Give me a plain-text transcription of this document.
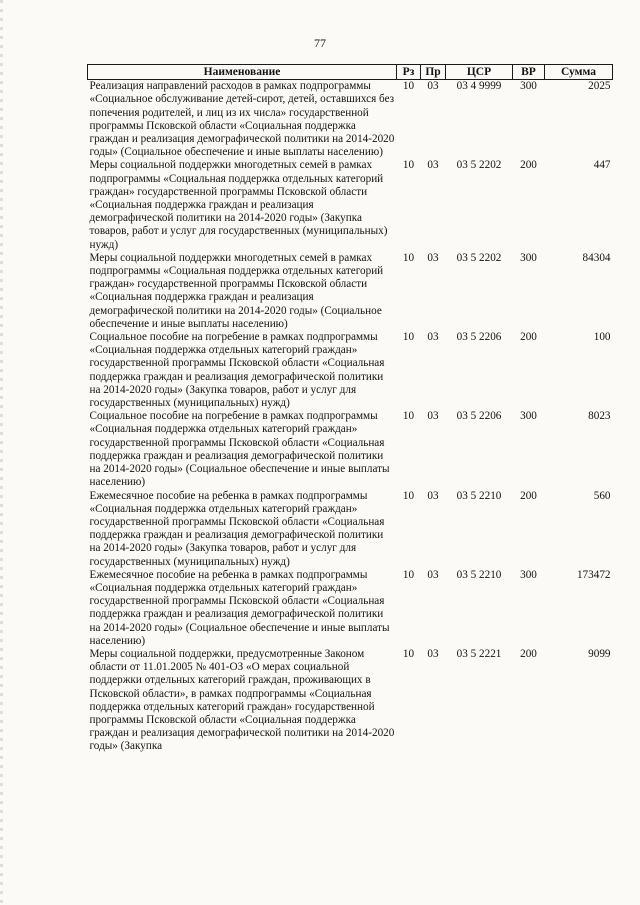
77
Наименование	Рз	Пр	ЦСР	ВР	Сумма
Реализация направлений расходов в рамках подпрограммы «Социальное обслуживание детей-сирот, детей, оставшихся без попечения родителей, и лиц из их числа» государственной программы Псковской области «Социальная поддержка граждан и реализация демографической политики на 2014-2020 годы» (Социальное обеспечение и иные выплаты населению)	10	03	03 4 9999	300	2025
Меры социальной поддержки многодетных семей в рамках подпрограммы «Социальная поддержка отдельных категорий граждан» государственной программы Псковской области «Социальная поддержка граждан и реализация демографической политики на 2014-2020 годы» (Закупка товаров, работ и услуг для государственных (муниципальных) нужд)	10	03	03 5 2202	200	447
Меры социальной поддержки многодетных семей в рамках подпрограммы «Социальная поддержка отдельных категорий граждан» государственной программы Псковской области «Социальная поддержка граждан и реализация демографической политики на 2014-2020 годы» (Социальное обеспечение и иные выплаты населению)	10	03	03 5 2202	300	84304
Социальное пособие на погребение в рамках подпрограммы «Социальная поддержка отдельных категорий граждан» государственной программы Псковской области «Социальная поддержка граждан и реализация демографической политики на 2014-2020 годы» (Закупка товаров, работ и услуг для государственных (муниципальных) нужд)	10	03	03 5 2206	200	100
Социальное пособие на погребение в рамках подпрограммы «Социальная поддержка отдельных категорий граждан» государственной программы Псковской области «Социальная поддержка граждан и реализация демографической политики на 2014-2020 годы» (Социальное обеспечение и иные выплаты населению)	10	03	03 5 2206	300	8023
Ежемесячное пособие на ребенка в рамках подпрограммы «Социальная поддержка отдельных категорий граждан» государственной программы Псковской области «Социальная поддержка граждан и реализация демографической политики на 2014-2020 годы» (Закупка товаров, работ и услуг для государственных (муниципальных) нужд)	10	03	03 5 2210	200	560
Ежемесячное пособие на ребенка в рамках подпрограммы «Социальная поддержка отдельных категорий граждан» государственной программы Псковской области «Социальная поддержка граждан и реализация демографической политики на 2014-2020 годы» (Социальное обеспечение и иные выплаты населению)	10	03	03 5 2210	300	173472
Меры социальной поддержки, предусмотренные Законом области от 11.01.2005 № 401-ОЗ «О мерах социальной поддержки отдельных категорий граждан, проживающих в Псковской области», в рамках подпрограммы «Социальная поддержка отдельных категорий граждан» государственной программы Псковской области «Социальная поддержка граждан и реализация демографической политики на 2014-2020 годы» (Закупка	10	03	03 5 2221	200	9099
